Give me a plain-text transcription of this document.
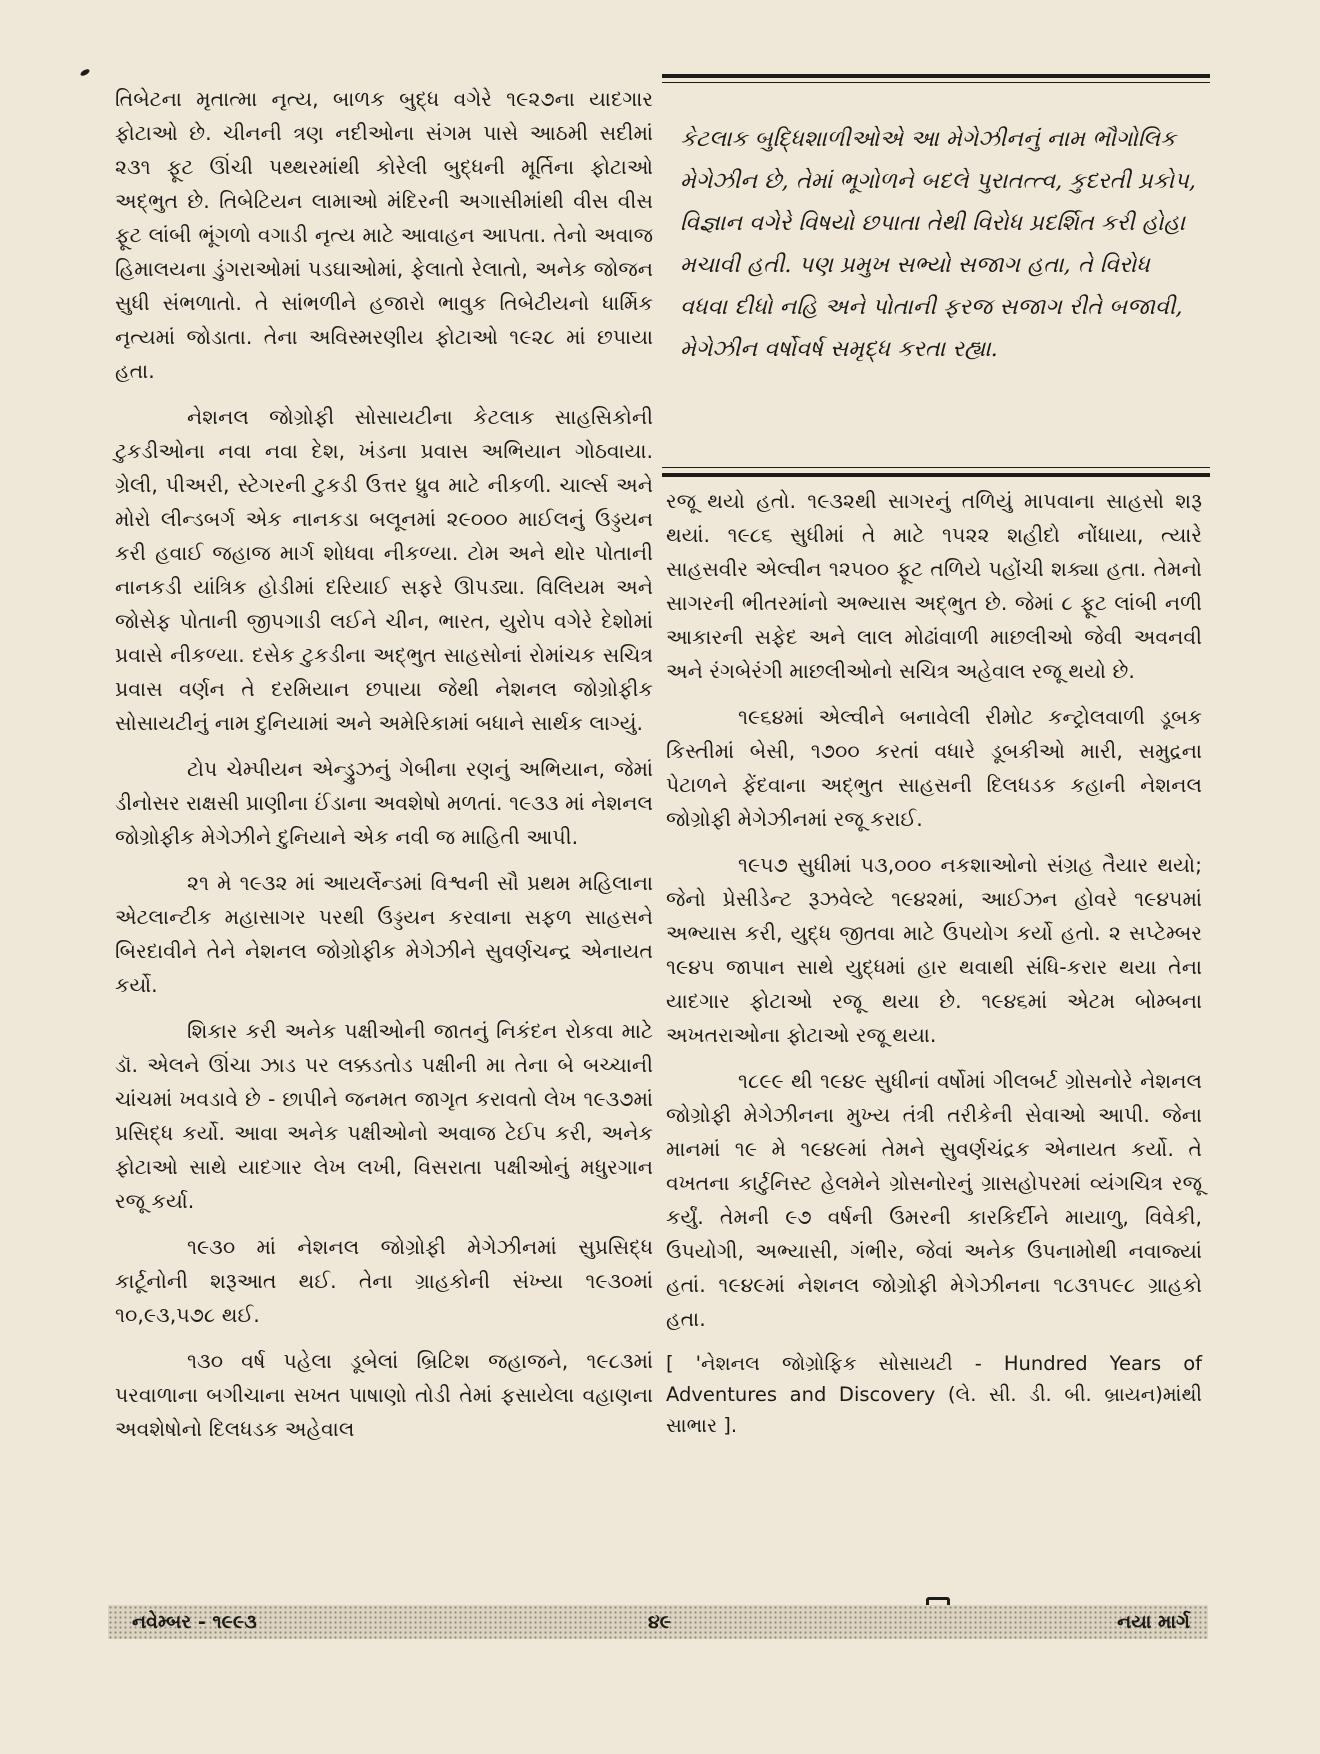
તિબેટના મૃતાત્મા નૃત્ય, બાળક બુદ્ધ વગેરે ૧૯૨૭ના યાદગાર ફોટાઓ છે. ચીનની ત્રણ નદીઓના સંગમ પાસે આઠમી સદીમાં ૨૩૧ ફૂટ ઊંચી પથ્થરમાંથી કોરેલી બુદ્ધની મૂર્તિના ફોટાઓ અદ્ભુત છે. તિબેટિયન લામાઓ મંદિરની અગાસીમાંથી વીસ વીસ ફૂટ લાંબી ભૂંગળો વગાડી નૃત્ય માટે આવાહન આપતા. તેનો અવાજ હિમાલયના ડુંગરાઓમાં પડઘાઓમાં, ફેલાતો રેલાતો, અનેક જોજન સુધી સંભળાતો. તે સાંભળીને હજારો ભાવુક તિબેટીયનો ધાર્મિક નૃત્યમાં જોડાતા. તેના અવિસ્મરણીય ફોટાઓ ૧૯૨૮ માં છપાયા હતા.

નેશનલ જોગ્રોફી સોસાયટીના કેટલાક સાહસિકોની ટુકડીઓના નવા નવા દેશ, ખંડના પ્રવાસ અભિયાન ગોઠવાયા. ગ્રેલી, પીઅરી, સ્ટેગરની ટુકડી ઉત્તર ધ્રુવ માટે નીકળી. ચાર્લ્સ અને મોરો લીન્ડબર્ગ એક નાનકડા બલૂનમાં ૨૯૦૦૦ માઈલનું ઉડ્ડયન કરી હવાઈ જહાજ માર્ગ શોધવા નીકળ્યા. ટોમ અને થોર પોતાની નાનકડી યાંત્રિક હોડીમાં દરિયાઈ સફરે ઊપડ્યા. વિલિયમ અને જોસેફ પોતાની જીપગાડી લઈને ચીન, ભારત, યુરોપ વગેરે દેશોમાં પ્રવાસે નીકળ્યા. દસેક ટુકડીના અદ્ભુત સાહસોનાં રોમાંચક સચિત્ર પ્રવાસ વર્ણન તે દરમિયાન છપાયા જેથી નેશનલ જોગ્રોફીક સોસાયટીનું નામ દુનિયામાં અને અમેરિકામાં બધાને સાર્થક લાગ્યું.

ટોપ ચેમ્પીયન એન્ડ્રુઝનું ગેબીના રણનું અભિયાન, જેમાં ડીનોસર રાક્ષસી પ્રાણીના ઈંડાના અવશેષો મળતાં. ૧૯૩૩ માં નેશનલ જોગ્રોફીક મેગેઝીને દુનિયાને એક નવી જ માહિતી આપી.

૨૧ મે ૧૯૩૨ માં આયર્લેન્ડમાં વિશ્વની સૌ પ્રથમ મહિલાના એટલાન્ટીક મહાસાગર પરથી ઉડ્ડયન કરવાના સફળ સાહસને બિરદાવીને તેને નેશનલ જોગ્રોફીક મેગેઝીને સુવર્ણચન્દ્ર એનાયત કર્યો.

શિકાર કરી અનેક પક્ષીઓની જાતનું નિકંદન રોકવા માટે ડૉ. એલને ઊંચા ઝાડ પર લક્કડતોડ પક્ષીની મા તેના બે બચ્ચાની ચાંચમાં ખવડાવે છે - છાપીને જનમત જાગૃત કરાવતો લેખ ૧૯૩૭માં પ્રસિદ્ધ કર્યો. આવા અનેક પક્ષીઓનો અવાજ ટેઈપ કરી, અનેક ફોટાઓ સાથે યાદગાર લેખ લખી, વિસરાતા પક્ષીઓનું મધુરગાન રજૂ કર્યા.

૧૯૩૦ માં નેશનલ જોગ્રોફી મેગેઝીનમાં સુપ્રસિદ્ધ કાર્ટૂનોની શરૂઆત થઈ. તેના ગ્રાહકોની સંખ્યા ૧૯૩૦માં ૧૦,૯૩,૫૭૮ થઈ.

૧૩૦ વર્ષ પહેલા ડૂબેલાં બ્રિટિશ જહાજને, ૧૯૮૩માં પરવાળાના બગીચાના સખત પાષાણો તોડી તેમાં ફસાયેલા વહાણના અવશેષોનો દિલધડક અહેવાલ

કેટલાક બુદ્ધિશાળીઓએ આ મેગેઝીનનું નામ ભૌગોલિક મેગેઝીન છે, તેમાં ભૂગોળને બદલે પુરાતત્ત્વ, કુદરતી પ્રકોપ, વિજ્ઞાન વગેરે વિષયો છપાતા તેથી વિરોધ પ્રદર્શિત કરી હોહા મચાવી હતી. પણ પ્રમુખ સભ્યો સજાગ હતા, તે વિરોધ વધવા દીધો નહિ અને પોતાની ફરજ સજાગ રીતે બજાવી, મેગેઝીન વર્ષોવર્ષ સમૃદ્ધ કરતા રહ્યા.

રજૂ થયો હતો. ૧૯૩૨થી સાગરનું તળિયું માપવાના સાહસો શરૂ થયાં. ૧૯૮૬ સુધીમાં તે માટે ૧૫૨૨ શહીદો નોંધાયા, ત્યારે સાહસવીર એલ્વીન ૧૨૫૦૦ ફૂટ તળિયે પહોંચી શક્યા હતા. તેમનો સાગરની ભીતરમાંનો અભ્યાસ અદ્ભુત છે. જેમાં ૮ ફૂટ લાંબી નળી આકારની સફેદ અને લાલ મોઢાંવાળી માછલીઓ જેવી અવનવી અને રંગબેરંગી માછલીઓનો સચિત્ર અહેવાલ રજૂ થયો છે.

૧૯૬૪માં એલ્વીને બનાવેલી રીમોટ કન્ટ્રોલવાળી ડૂબક કિસ્તીમાં બેસી, ૧૭૦૦ કરતાં વધારે ડૂબકીઓ મારી, સમુદ્રના પેટાળને ફેંદવાના અદ્ભુત સાહસની દિલધડક કહાની નેશનલ જોગ્રોફી મેગેઝીનમાં રજૂ કરાઈ.

૧૯૫૭ સુધીમાં ૫૩,૦૦૦ નકશાઓનો સંગ્રહ તૈયાર થયો; જેનો પ્રેસીડેન્ટ રૂઝવેલ્ટે ૧૯૪૨માં, આઈઝન હોવરે ૧૯૪૫માં અભ્યાસ કરી, યુદ્ધ જીતવા માટે ઉપયોગ કર્યો હતો. ૨ સપ્ટેમ્બર ૧૯૪૫ જાપાન સાથે યુદ્ધમાં હાર થવાથી સંધિ-કરાર થયા તેના યાદગાર ફોટાઓ રજૂ થયા છે. ૧૯૪૬માં એટમ બોમ્બના અખતરાઓના ફોટાઓ રજૂ થયા.

૧૮૯૯ થી ૧૯૪૯ સુધીનાં વર્ષોમાં ગીલબર્ટ ગ્રોસનોરે નેશનલ જોગ્રોફી મેગેઝીનના મુખ્ય તંત્રી તરીકેની સેવાઓ આપી. જેના માનમાં ૧૯ મે ૧૯૪૯માં તેમને સુવર્ણચંદ્રક એનાયત કર્યો. તે વખતના કાર્ટુનિસ્ટ હેલમેને ગ્રોસનોરનું ગ્રાસહોપરમાં વ્યંગચિત્ર રજૂ કર્યું. તેમની ૯૭ વર્ષની ઉમરની કારકિર્દીને માયાળુ, વિવેકી, ઉપયોગી, અભ્યાસી, ગંભીર, જેવાં અનેક ઉપનામોથી નવાજ્યાં હતાં. ૧૯૪૯માં નેશનલ જોગ્રોફી મેગેઝીનના ૧૮૩૧૫૯૮ ગ્રાહકો હતા.

[ 'નેશનલ જોગ્રોફિક સોસાયટી - Hundred Years of Adventures and Discovery (લે. સી. ડી. બી. બ્રાયન)માંથી સાભાર ].

નવેમ્બર - ૧૯૯૩	૪૯	નયા માર્ગ
